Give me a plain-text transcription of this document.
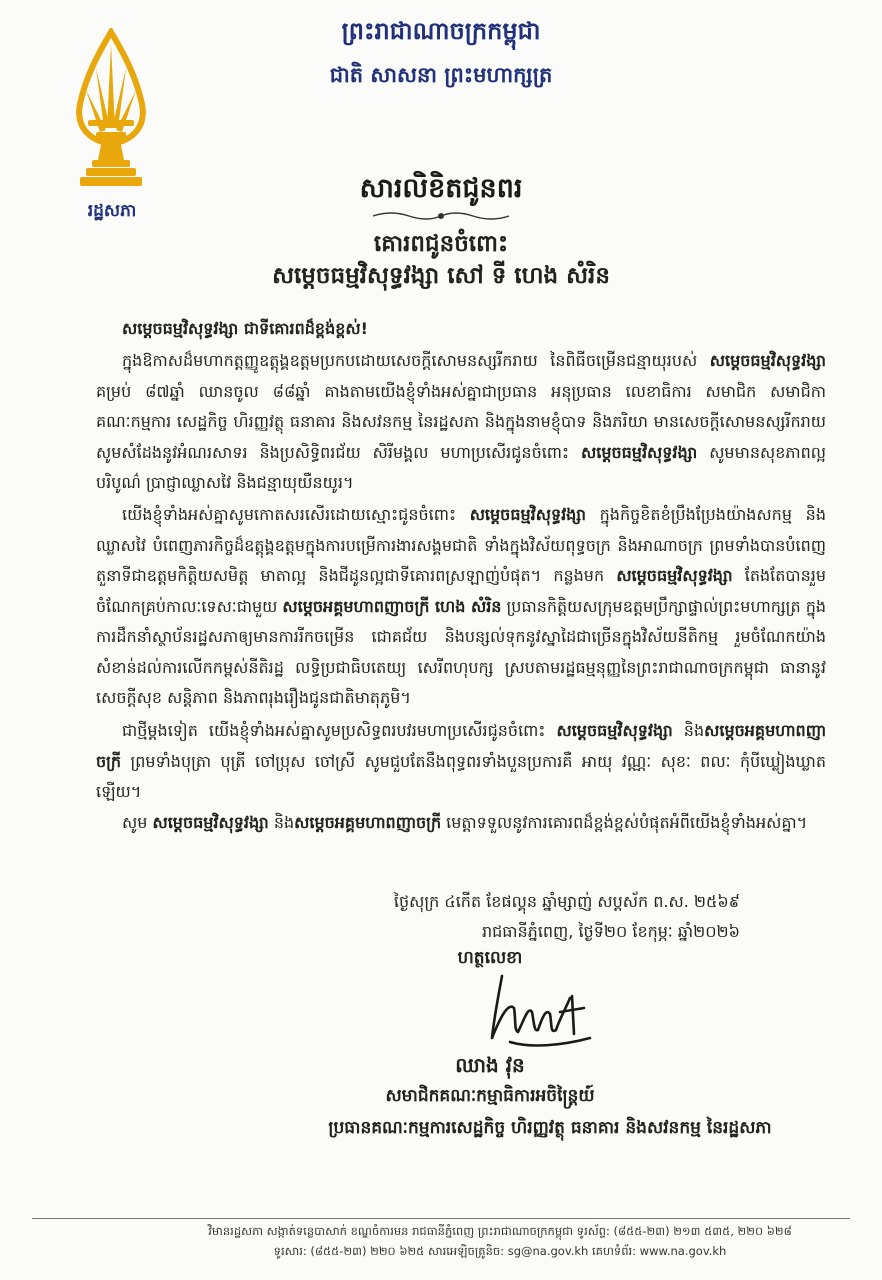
រដ្ឋសភា
ព្រះរាជាណាចក្រកម្ពុជា
ជាតិ សាសនា ព្រះមហាក្សត្រ
សារលិខិតជូនពរ
គោរពជូនចំពោះ
សម្តេចធម្មវិសុទ្ធវង្សា សៅ ទី ហេង សំរិន
សម្តេចធម្មវិសុទ្ធវង្សា ជាទីគោរពដ៏ខ្ពង់ខ្ពស់!

ក្នុងឱកាសដ៏មហាកត្តញ្ញូឧត្តុង្គឧត្តមប្រកបដោយសេចក្តីសោមនស្សរីករាយ នៃពិធីចម្រើនជន្មាយុរបស់ សម្តេចធម្មវិសុទ្ធវង្សា គម្រប់ ៨៧ឆ្នាំ ឈានចូល ៨៨ឆ្នាំ គាងតាមយើងខ្ញុំទាំងអស់គ្នាជាប្រធាន អនុប្រធាន លេខាធិការ សមាជិក សមាជិកាគណៈកម្មការ សេដ្ឋកិច្ច ហិរញ្ញវត្ថុ ធនាគារ និងសវនកម្ម នៃរដ្ឋសភា និងក្នុងនាមខ្ញុំបាទ និងភរិយា មានសេចក្តីសោមនស្សរីករាយ សូមសំដែងនូវអំណរសាទរ និងប្រសិទ្ធិពរជ័យ សិរីមង្គល មហាប្រសើរជូនចំពោះ សម្តេចធម្មវិសុទ្ធវង្សា សូមមានសុខភាពល្អបរិបូណ៌ ប្រាជ្ញាឈ្លាសវៃ និងជន្មាយុយឺនយូរ។

យើងខ្ញុំទាំងអស់គ្នាសូមកោតសរសើរដោយស្មោះជូនចំពោះ សម្តេចធម្មវិសុទ្ធវង្សា ក្នុងកិច្ចខិតខំប្រឹងប្រែងយ៉ាងសកម្ម និងឈ្លាសវៃ បំពេញភារកិច្ចដ៏ឧត្តុង្គឧត្តមក្នុងការបម្រើការងារសង្គមជាតិ ទាំងក្នុងវិស័យពុទ្ធចក្រ និងអាណាចក្រ ព្រមទាំងបានបំពេញតួនាទីជាឧត្តមកិត្តិយសមិត្ត មាតាល្អ និងជីដូនល្អជាទីគោរពស្រឡាញ់បំផុត។ កន្លងមក សម្តេចធម្មវិសុទ្ធវង្សា តែងតែបានរួមចំណែកគ្រប់កាលៈទេសៈជាមួយ សម្តេចអគ្គមហាពញាចក្រី ហេង សំរិន ប្រធានកិត្តិយសក្រុមឧត្តមប្រឹក្សាផ្ទាល់ព្រះមហាក្សត្រ ក្នុងការដឹកនាំស្ថាប័នរដ្ឋសភាឲ្យមានការរីកចម្រើន ជោគជ័យ និងបន្សល់ទុកនូវស្នាដៃជាច្រើនក្នុងវិស័យនីតិកម្ម រួមចំណែកយ៉ាងសំខាន់ដល់ការលើកកម្ពស់នីតិរដ្ឋ លទ្ធិប្រជាធិបតេយ្យ សេរីពហុបក្ស ស្របតាមរដ្ឋធម្មនុញ្ញនៃព្រះរាជាណាចក្រកម្ពុជា ធានានូវសេចក្តីសុខ សន្តិភាព និងភាពរុងរឿងជូនជាតិមាតុភូមិ។

ជាថ្មីម្តងទៀត យើងខ្ញុំទាំងអស់គ្នាសូមប្រសិទ្ធពរបវរមហាប្រសើរជូនចំពោះ សម្តេចធម្មវិសុទ្ធវង្សា និងសម្តេចអគ្គមហាពញាចក្រី ព្រមទាំងបុត្រា បុត្រី ចៅប្រុស ចៅស្រី សូមជួបតែនឹងពុទ្ធពរទាំងបួនប្រការគឺ អាយុ វណ្ណៈ សុខៈ ពលៈ កុំបីឃ្លៀងឃ្លាតឡើយ។

សូម សម្តេចធម្មវិសុទ្ធវង្សា និងសម្តេចអគ្គមហាពញាចក្រី មេត្តាទទួលនូវការគោរពដ៏ខ្ពង់ខ្ពស់បំផុតអំពីយើងខ្ញុំទាំងអស់គ្នា។

ថ្ងៃសុក្រ ៤កើត ខែផល្គុន ឆ្នាំម្សាញ់ សប្តស័ក ព.ស. ២៥៦៩
រាជធានីភ្នំពេញ, ថ្ងៃទី២០ ខែកុម្ភៈ ឆ្នាំ២០២៦
ហត្ថលេខា
ឈាង វុន
សមាជិកគណៈកម្មាធិការអចិន្ត្រៃយ៍
ប្រធានគណៈកម្មការសេដ្ឋកិច្ច ហិរញ្ញវត្ថុ ធនាគារ និងសវនកម្ម នៃរដ្ឋសភា
វិមានរដ្ឋសភា សង្កាត់ទន្លេបាសាក់ ខណ្ឌចំការមន រាជធានីភ្នំពេញ ព្រះរាជាណាចក្រកម្ពុជា ទូរស័ព្ទ: (៨៥៥-២៣) ២១៣ ៥៣៥, ២២០ ៦២៨
ទូរសារ: (៨៥៥-២៣) ២២០ ៦២៥ សារអេឡិចត្រូនិច: sg@na.gov.kh គេហទំព័រ: www.na.gov.kh
